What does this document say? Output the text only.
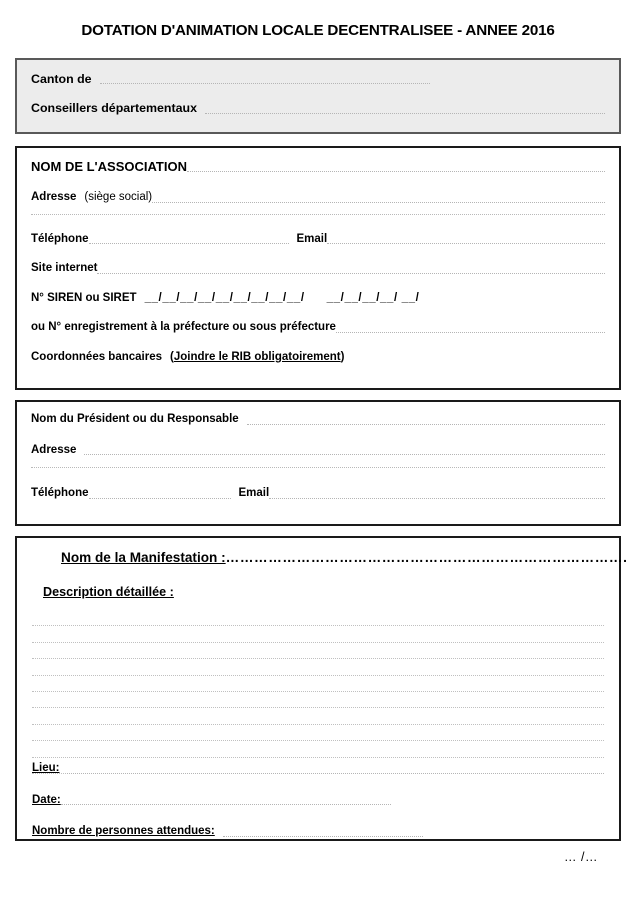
DOTATION D'ANIMATION LOCALE DECENTRALISEE - ANNEE 2016
Canton de
Conseillers départementaux
NOM DE L'ASSOCIATION
Adresse (siège social)
Téléphone	Email
Site internet
N° SIREN ou SIRET __/__/__/__/__/__/__/__/__/ __/__/__/__/ __/
ou N° enregistrement à la préfecture ou sous préfecture
Coordonnées bancaires ( Joindre le RIB obligatoirement )
Nom du Président ou du Responsable
Adresse
Téléphone	Email
Nom de la Manifestation : ………………………………………………………………………….
Description détaillée :
Lieu:
Date:
Nombre de personnes attendues:
… /…
